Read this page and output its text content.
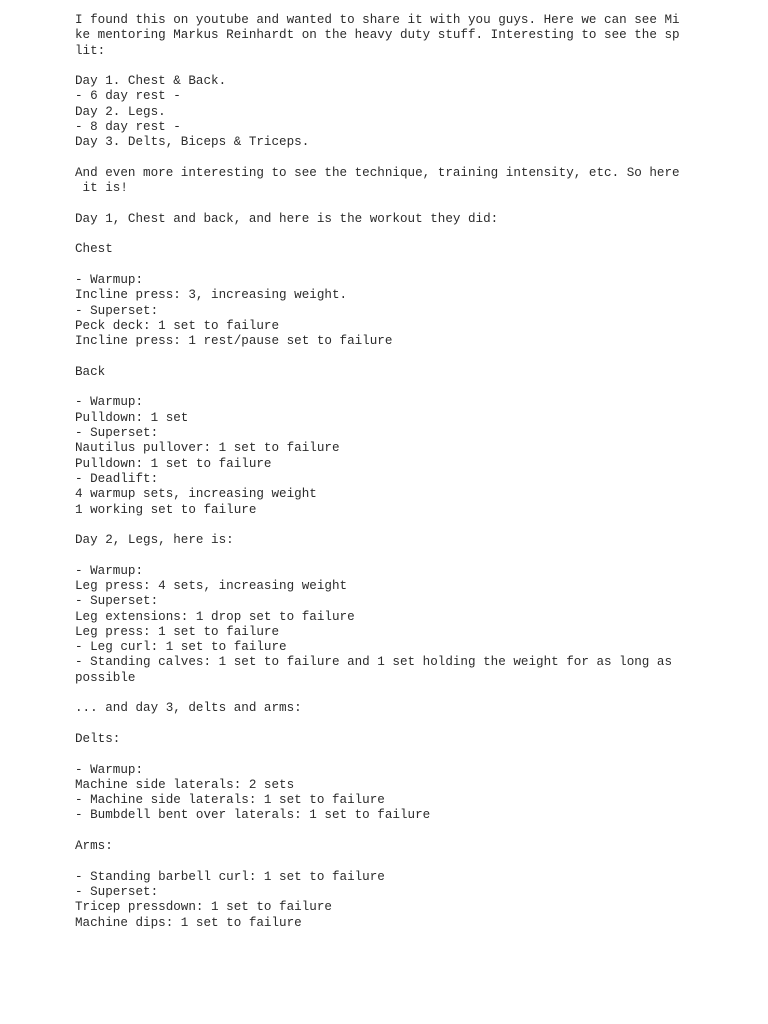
I found this on youtube and wanted to share it with you guys. Here we can see Mi
ke mentoring Markus Reinhardt on the heavy duty stuff. Interesting to see the sp
lit:
Day 1. Chest & Back.
- 6 day rest -
Day 2. Legs.
- 8 day rest -
Day 3. Delts, Biceps & Triceps.
And even more interesting to see the technique, training intensity, etc. So here
it is!
Day 1, Chest and back, and here is the workout they did:
Chest
- Warmup:
Incline press: 3, increasing weight.
- Superset:
Peck deck: 1 set to failure
Incline press: 1 rest/pause set to failure
Back
- Warmup:
Pulldown: 1 set
- Superset:
Nautilus pullover: 1 set to failure
Pulldown: 1 set to failure
- Deadlift:
4 warmup sets, increasing weight
1 working set to failure
Day 2, Legs, here is:
- Warmup:
Leg press: 4 sets, increasing weight
- Superset:
Leg extensions: 1 drop set to failure
Leg press: 1 set to failure
- Leg curl: 1 set to failure
- Standing calves: 1 set to failure and 1 set holding the weight for as long as
possible
... and day 3, delts and arms:
Delts:
- Warmup:
Machine side laterals: 2 sets
- Machine side laterals: 1 set to failure
- Bumbdell bent over laterals: 1 set to failure
Arms:
- Standing barbell curl: 1 set to failure
- Superset:
Tricep pressdown: 1 set to failure
Machine dips: 1 set to failure
